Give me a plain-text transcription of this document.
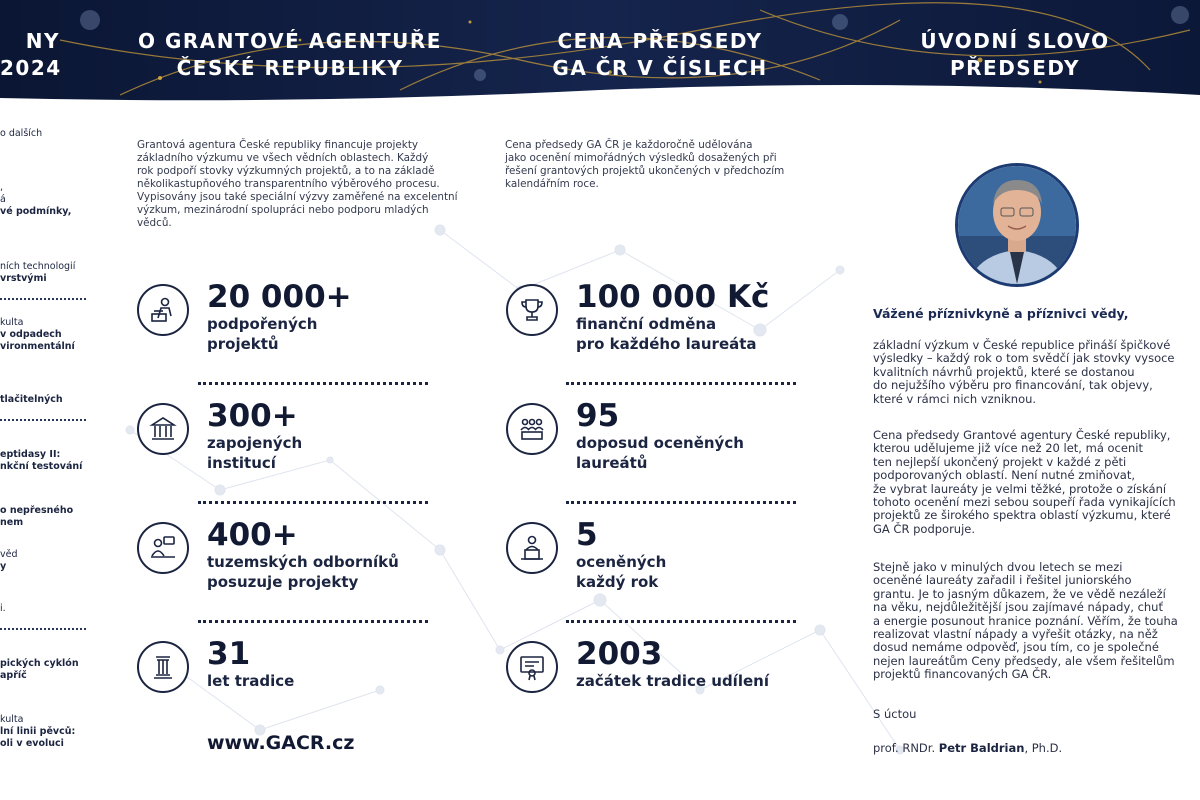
NY
2024
O GRANTOVÉ AGENTUŘE
ČESKÉ REPUBLIKY
CENA PŘEDSEDY
GA ČR V ČÍSLECH
ÚVODNÍ SLOVO
PŘEDSEDY
o dalších
,
á
vé podmínky,
ních technologií
vrstvými
kulta
v odpadech
vironmentální
tlačitelných
eptidasy II:
nkční testování
o nepřesného
nem
věd
y
i.
pických cyklón
apříč
kulta
lní linii pěvců:
oli v evoluci
Grantová agentura České republiky financuje projekty
základního výzkumu ve všech vědních oblastech. Každý
rok podpoří stovky výzkumných projektů, a to na základě
několikastupňového transparentního výběrového procesu.
Vypisovány jsou také speciální výzvy zaměřené na excelentní
výzkum, mezinárodní spolupráci nebo podporu mladých
vědců.
Cena předsedy GA ČR je každoročně udělována
jako ocenění mimořádných výsledků dosažených při
řešení grantových projektů ukončených v předchozím
kalendářním roce.
20 000+
podpořených
projektů
300+
zapojených
institucí
400+
tuzemských odborníků
posuzuje projekty
31
let tradice
www.GACR.cz
100 000 Kč
finanční odměna
pro každého laureáta
95
doposud oceněných
laureátů
5
oceněných
každý rok
2003
začátek tradice udílení
Vážené příznivkyně a příznivci vědy,

základní výzkum v České republice přináší špičkové

výsledky – každý rok o tom svědčí jak stovky vysoce

kvalitních návrhů projektů, které se dostanou

do nejužšího výběru pro financování, tak objevy,

které v rámci nich vzniknou.

Cena předsedy Grantové agentury České republiky,

kterou udělujeme již více než 20 let, má ocenit

ten nejlepší ukončený projekt v každé z pěti

podporovaných oblastí. Není nutné zmiňovat,

že vybrat laureáty je velmi těžké, protože o získání

tohoto ocenění mezi sebou soupeří řada vynikajících

projektů ze širokého spektra oblastí výzkumu, které

GA ČR podporuje.

Stejně jako v minulých dvou letech se mezi

oceněné laureáty zařadil i řešitel juniorského

grantu. Je to jasným důkazem, že ve vědě nezáleží

na věku, nejdůležitější jsou zajímavé nápady, chuť

a energie posunout hranice poznání. Věřím, že touha

realizovat vlastní nápady a vyřešit otázky, na něž

dosud nemáme odpověď, jsou tím, co je společné

nejen laureátům Ceny předsedy, ale všem řešitelům

projektů financovaných GA ČR.

S úctou

prof. RNDr. Petr Baldrian, Ph.D.
